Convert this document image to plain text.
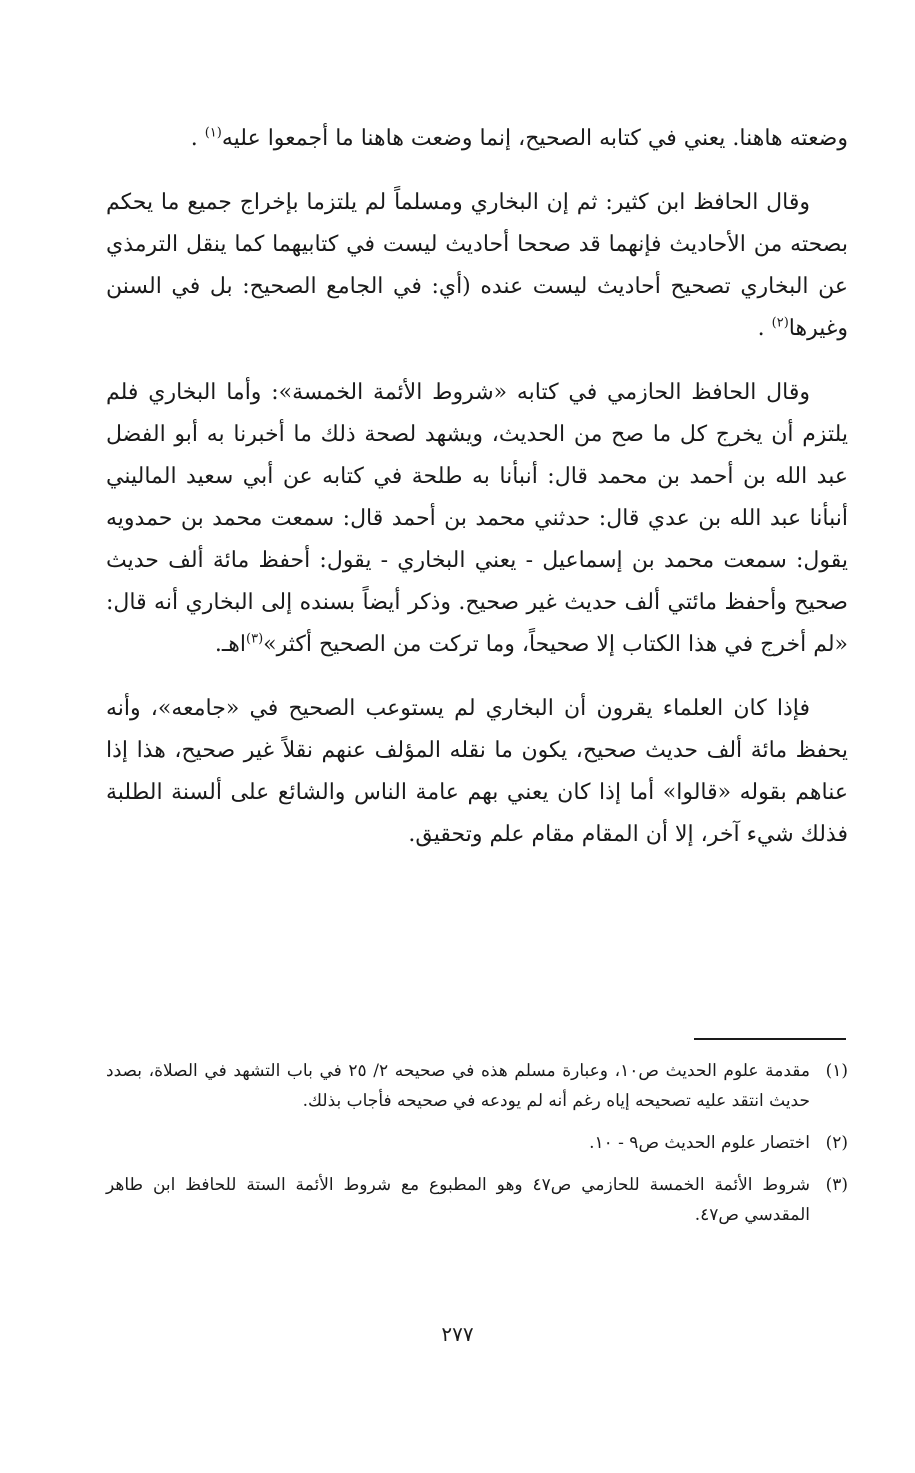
وضعته هاهنا. يعني في كتابه الصحيح، إنما وضعت هاهنا ما أجمعوا عليه$^{(١)}$ .

وقال الحافظ ابن كثير: ثم إن البخاري ومسلماً لم يلتزما بإخراج جميع ما يحكم بصحته من الأحاديث فإنهما قد صححا أحاديث ليست في كتابيهما كما ينقل الترمذي عن البخاري تصحيح أحاديث ليست عنده (أي: في الجامع الصحيح: بل في السنن وغيرها$^{(٢)}$ .

وقال الحافظ الحازمي في كتابه «شروط الأئمة الخمسة»: وأما البخاري فلم يلتزم أن يخرج كل ما صح من الحديث، ويشهد لصحة ذلك ما أخبرنا به أبو الفضل عبد الله بن أحمد بن محمد قال: أنبأنا به طلحة في كتابه عن أبي سعيد الماليني أنبأنا عبد الله بن عدي قال: حدثني محمد بن أحمد قال: سمعت محمد بن حمدويه يقول: سمعت محمد بن إسماعيل - يعني البخاري - يقول: أحفظ مائة ألف حديث صحيح وأحفظ مائتي ألف حديث غير صحيح. وذكر أيضاً بسنده إلى البخاري أنه قال: «لم أخرج في هذا الكتاب إلا صحيحاً، وما تركت من الصحيح أكثر»$^{(٣)}$اهـ.

فإذا كان العلماء يقرون أن البخاري لم يستوعب الصحيح في «جامعه»، وأنه يحفظ مائة ألف حديث صحيح، يكون ما نقله المؤلف عنهم نقلاً غير صحيح، هذا إذا عناهم بقوله «قالوا» أما إذا كان يعني بهم عامة الناس والشائع على ألسنة الطلبة فذلك شيء آخر، إلا أن المقام مقام علم وتحقيق.

(١)
مقدمة علوم الحديث ص١٠، وعبارة مسلم هذه في صحيحه ٢/ ٢٥ في باب التشهد في الصلاة، بصدد حديث انتقد عليه تصحيحه إياه رغم أنه لم يودعه في صحيحه فأجاب بذلك.
(٢)
اختصار علوم الحديث ص٩ - ١٠.
(٣)
شروط الأئمة الخمسة للحازمي ص٤٧ وهو المطبوع مع شروط الأئمة الستة للحافظ ابن طاهر المقدسي ص٤٧.
٢٧٧
